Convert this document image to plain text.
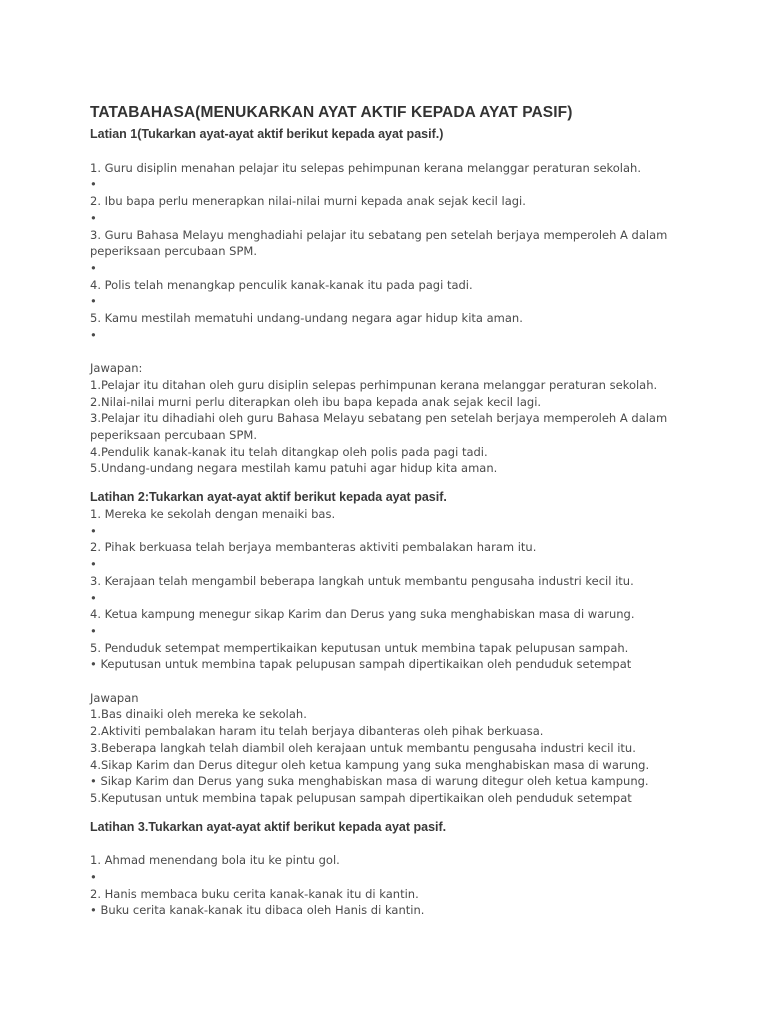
TATABAHASA(MENUKARKAN AYAT AKTIF KEPADA AYAT PASIF)
Latian 1(Tukarkan ayat-ayat aktif berikut kepada ayat pasif.)
1. Guru disiplin menahan pelajar itu selepas pehimpunan kerana melanggar peraturan sekolah.
•
2. Ibu bapa perlu menerapkan nilai-nilai murni kepada anak sejak kecil lagi.
•
3. Guru Bahasa Melayu menghadiahi pelajar itu sebatang pen setelah berjaya memperoleh A dalam
peperiksaan percubaan SPM.
•
4. Polis telah menangkap penculik kanak-kanak itu pada pagi tadi.
•
5. Kamu mestilah mematuhi undang-undang negara agar hidup kita aman.
•
Jawapan:
1.Pelajar itu ditahan oleh guru disiplin selepas perhimpunan kerana melanggar peraturan sekolah.
2.Nilai-nilai murni perlu diterapkan oleh ibu bapa kepada anak sejak kecil lagi.
3.Pelajar itu dihadiahi oleh guru Bahasa Melayu sebatang pen setelah berjaya memperoleh A dalam
peperiksaan percubaan SPM.
4.Pendulik kanak-kanak itu telah ditangkap oleh polis pada pagi tadi.
5.Undang-undang negara mestilah kamu patuhi agar hidup kita aman.
Latihan 2:Tukarkan ayat-ayat aktif berikut kepada ayat pasif.
1. Mereka ke sekolah dengan menaiki bas.
•
2. Pihak berkuasa telah berjaya membanteras aktiviti pembalakan haram itu.
•
3. Kerajaan telah mengambil beberapa langkah untuk membantu pengusaha industri kecil itu.
•
4. Ketua kampung menegur sikap Karim dan Derus yang suka menghabiskan masa di warung.
•
5. Penduduk setempat mempertikaikan keputusan untuk membina tapak pelupusan sampah.
• Keputusan untuk membina tapak pelupusan sampah dipertikaikan oleh penduduk setempat
Jawapan
1.Bas dinaiki oleh mereka ke sekolah.
2.Aktiviti pembalakan haram itu telah berjaya dibanteras oleh pihak berkuasa.
3.Beberapa langkah telah diambil oleh kerajaan untuk membantu pengusaha industri kecil itu.
4.Sikap Karim dan Derus ditegur oleh ketua kampung yang suka menghabiskan masa di warung.
• Sikap Karim dan Derus yang suka menghabiskan masa di warung ditegur oleh ketua kampung.
5.Keputusan untuk membina tapak pelupusan sampah dipertikaikan oleh penduduk setempat
Latihan 3.Tukarkan ayat-ayat aktif berikut kepada ayat pasif.
1. Ahmad menendang bola itu ke pintu gol.
•
2. Hanis membaca buku cerita kanak-kanak itu di kantin.
• Buku cerita kanak-kanak itu dibaca oleh Hanis di kantin.
